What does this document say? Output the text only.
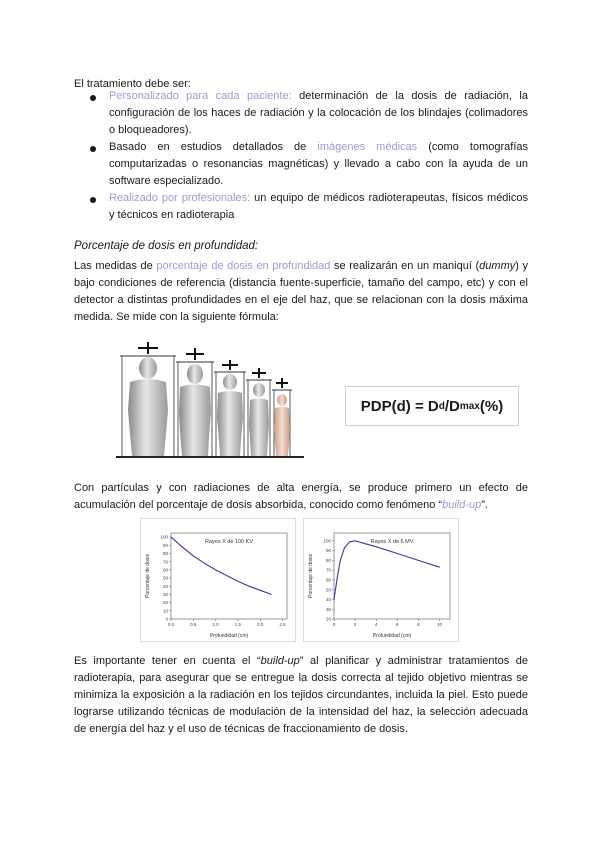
El tratamiento debe ser:
Personalizado para cada paciente: determinación de la dosis de radiación, la configuración de los haces de radiación y la colocación de los blindajes (colimadores o bloqueadores).
Basado en estudios detallados de imágenes médicas (como tomografías computarizadas o resonancias magnéticas) y llevado a cabo con la ayuda de un software especializado.
Realizado por profesionales: un equipo de médicos radioterapeutas, físicos médicos y técnicos en radioterapia
Porcentaje de dosis en profundidad:
Las medidas de porcentaje de dosis en profundidad se realizarán en un maniquí (dummy) y bajo condiciones de referencia (distancia fuente-superficie, tamaño del campo, etc) y con el detector a distintas profundidades en el eje del haz, que se relacionan con la dosis máxima medida. Se mide con la siguiente fórmula:
PDP(d) = D d /D max (%)
Con partículas y con radiaciones de alta energía, se produce primero un efecto de acumulación del porcentaje de dosis absorbida, conocido como fenómeno “build-up”.
Rayos X de 100 KV
0
10
20
30
40
50
60
70
80
90
100
0.0	0.5	1.0	1.5	2.0	2.5
Profundidad (cm)
Porcentaje de dosis
Rayos X de 6 MV
20
30
40
50
60
70
80
90
100
0	2	4	6	8	10
Profundidad (cm)
Porcentaje de dosis
Es importante tener en cuenta el “build-up” al planificar y administrar tratamientos de radioterapia, para asegurar que se entregue la dosis correcta al tejido objetivo mientras se minimiza la exposición a la radiación en los tejidos circundantes, incluida la piel. Esto puede lograrse utilizando técnicas de modulación de la intensidad del haz, la selección adecuada de energía del haz y el uso de técnicas de fraccionamiento de dosis.
